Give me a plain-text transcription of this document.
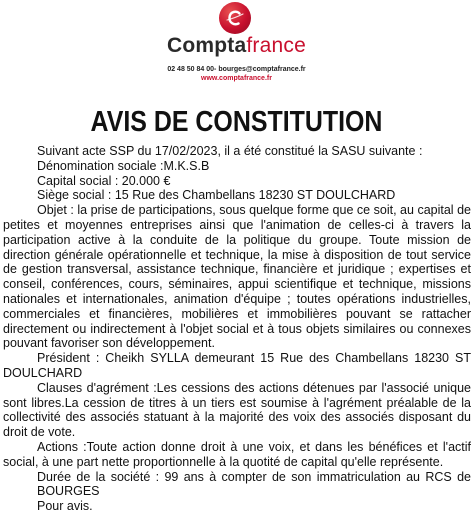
Comptafrance
02 48 50 84 00- bourges@comptafrance.fr
www.comptafrance.fr
AVIS DE CONSTITUTION

Suivant acte SSP du 17/02/2023, il a été constitué la SASU suivante :

Dénomination sociale :M.K.S.B

Capital social : 20.000 €

Siège social : 15 Rue des Chambellans 18230 ST DOULCHARD

Objet : la prise de participations, sous quelque forme que ce soit, au capital de petites et moyennes entreprises ainsi que l'animation de celles-ci à travers la participation active à la conduite de la politique du groupe. Toute mission de direction générale opérationnelle et technique, la mise à disposition de tout service de gestion transversal, assistance technique, financière et juridique ; expertises et conseil, conférences, cours, séminaires, appui scientifique et technique, missions nationales et internationales, animation d'équipe ; toutes opérations industrielles, commerciales et financières, mobilières et immobilières pouvant se rattacher directement ou indirectement à l'objet social et à tous objets similaires ou connexes pouvant favoriser son développement.

Président : Cheikh SYLLA demeurant 15 Rue des Chambellans 18230 ST DOULCHARD

Clauses d'agrément :Les cessions des actions détenues par l'associé unique sont libres.La cession de titres à un tiers est soumise à l'agrément préalable de la collectivité des associés statuant à la majorité des voix des associés disposant du droit de vote.

Actions :Toute action donne droit à une voix, et dans les bénéfices et l'actif social, à une part nette proportionnelle à la quotité de capital qu'elle représente.

Durée de la société : 99 ans à compter de son immatriculation au RCS de BOURGES

Pour avis.
